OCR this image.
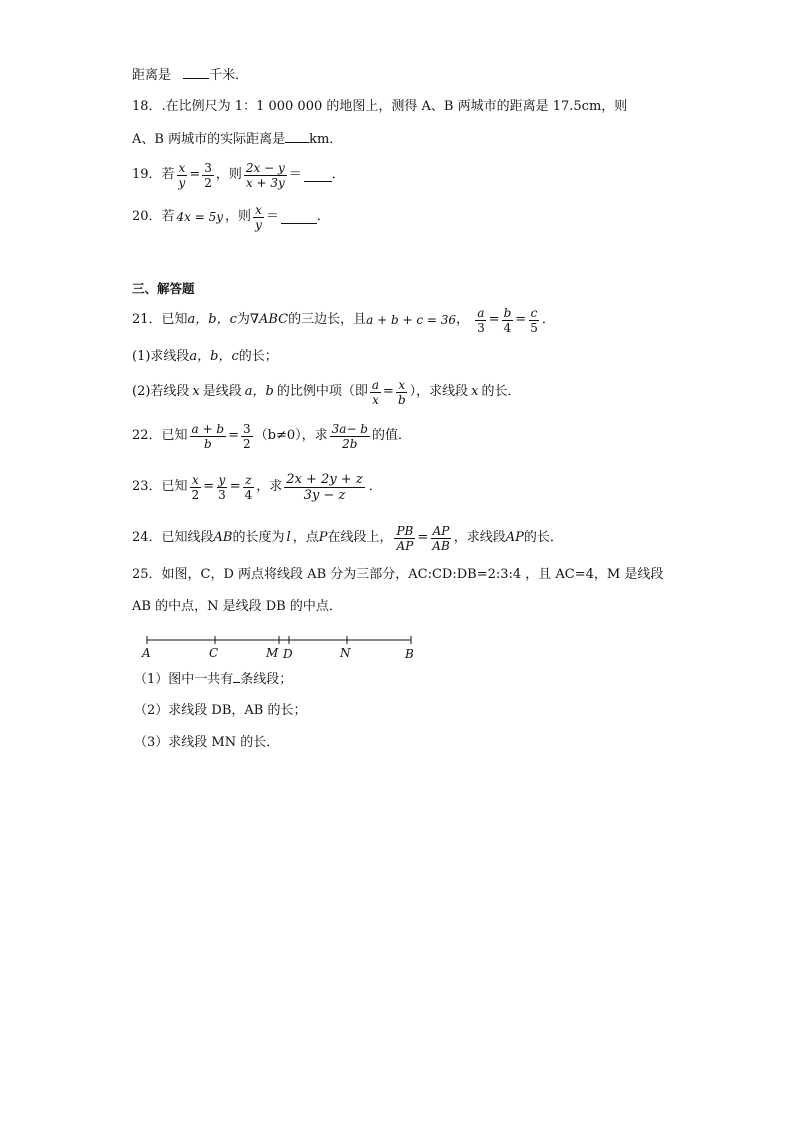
距离是	千米．
18．.在比例尺为 1：1 000 000 的地图上，测得 A、B 两城市的距离是 17.5cm，则
A、B 两城市的实际距离是 km．
19．若 $\frac{x}{y} = \frac{3}{2}$ ，则 $\frac{2x - y}{x + 3y}$ ＝ ．
20．若 4x = 5y ，则 $\frac{x}{y}$ ＝	．
三、解答题
21．已知 a，b，c 为 ∇ABC 的三边长，且 a + b + c = 36 ， $\frac{a}{3} = \frac{b}{4} = \frac{c}{5}$ ．
(1)求线段a，b，c的长；
(2)若线段 x 是线段 a，b 的比例中项（即 $\frac{a}{x} = \frac{x}{b}$ ），求线段 x 的长．
22．已知 $\frac{a + b}{b} = \frac{3}{2} (b\ne 0)$，求 $\frac{3a- b}{2b}$ 的值．
23．已知 $\frac{x}{2} = \frac{y}{3} = \frac{z}{4}$ ，求 $\frac{2x + 2y + z}{3y - z}$ ．
24．已知线段 AB 的长度为 l ，点 P 在线段上， $\frac{PB}{AP} = \frac{AP}{AB}$ ，求线段 AP 的长．
25．如图，C，D 两点将线段 AB 分为三部分，AC:CD:DB=2:3:4 ，且 AC=4，M 是线段
AB 的中点，N 是线段 DB 的中点．
A	C	M D	N	B
（1）图中一共有 条线段；
（2）求线段 DB，AB 的长；
（3）求线段 MN 的长．
